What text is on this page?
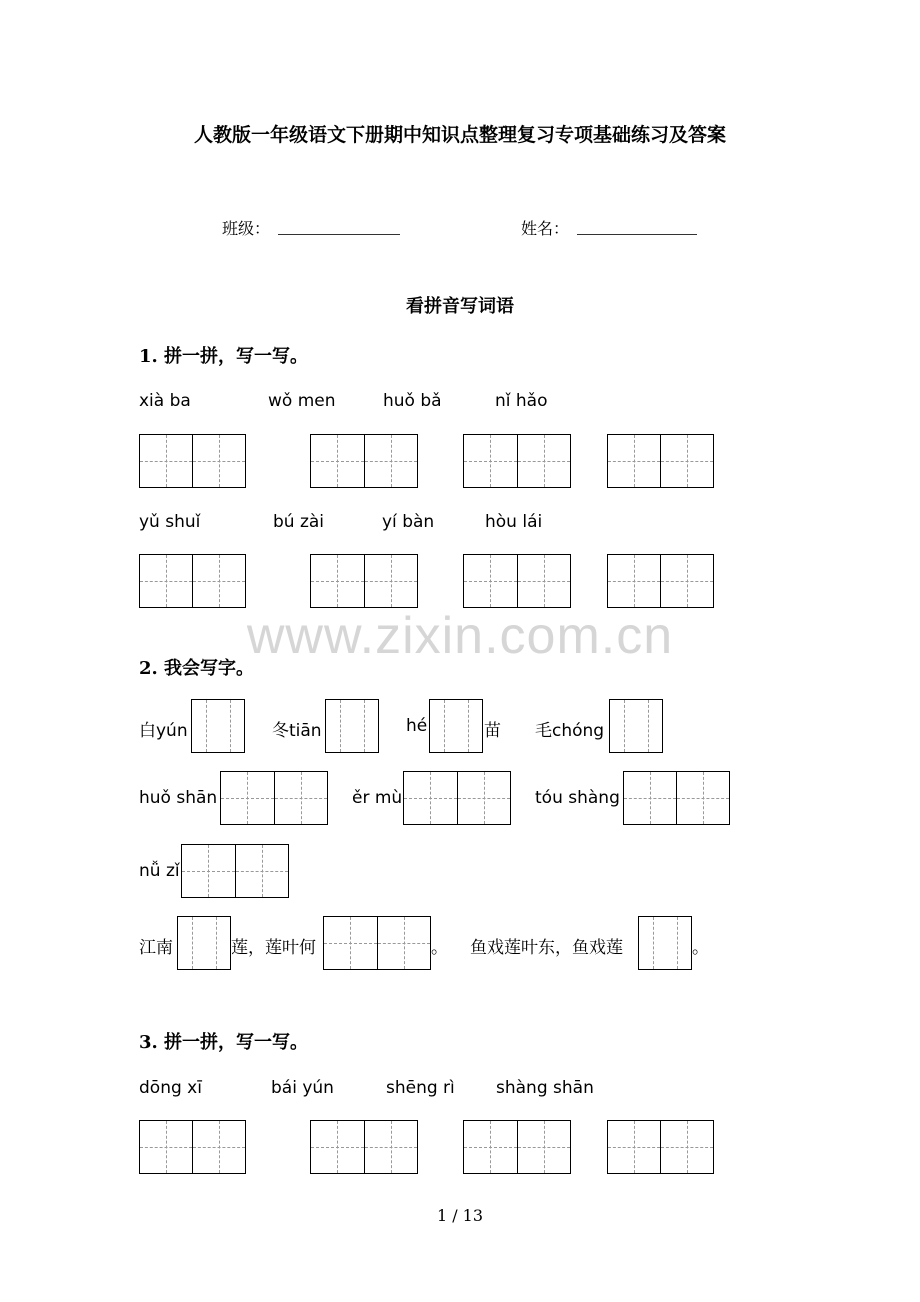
www.zixin.com.cn
人教版一年级语文下册期中知识点整理复习专项基础练习及答案
班级：	姓名：
看拼音写词语
1. 拼一拼，写一写。
xià ba	wǒ men	huǒ bǎ	nǐ hǎo
yǔ shuǐ	bú zài	yí bàn	hòu lái
2. 我会写字。
白yún	冬tiān	hé	苗 毛chóng
huǒ shān	ěr mù	tóu shàng
nǚ zǐ
江南	莲，莲叶何	。 鱼戏莲叶东，鱼戏莲	。
3. 拼一拼，写一写。
dōng xī	bái yún	shēng rì shàng shān
1 / 13
